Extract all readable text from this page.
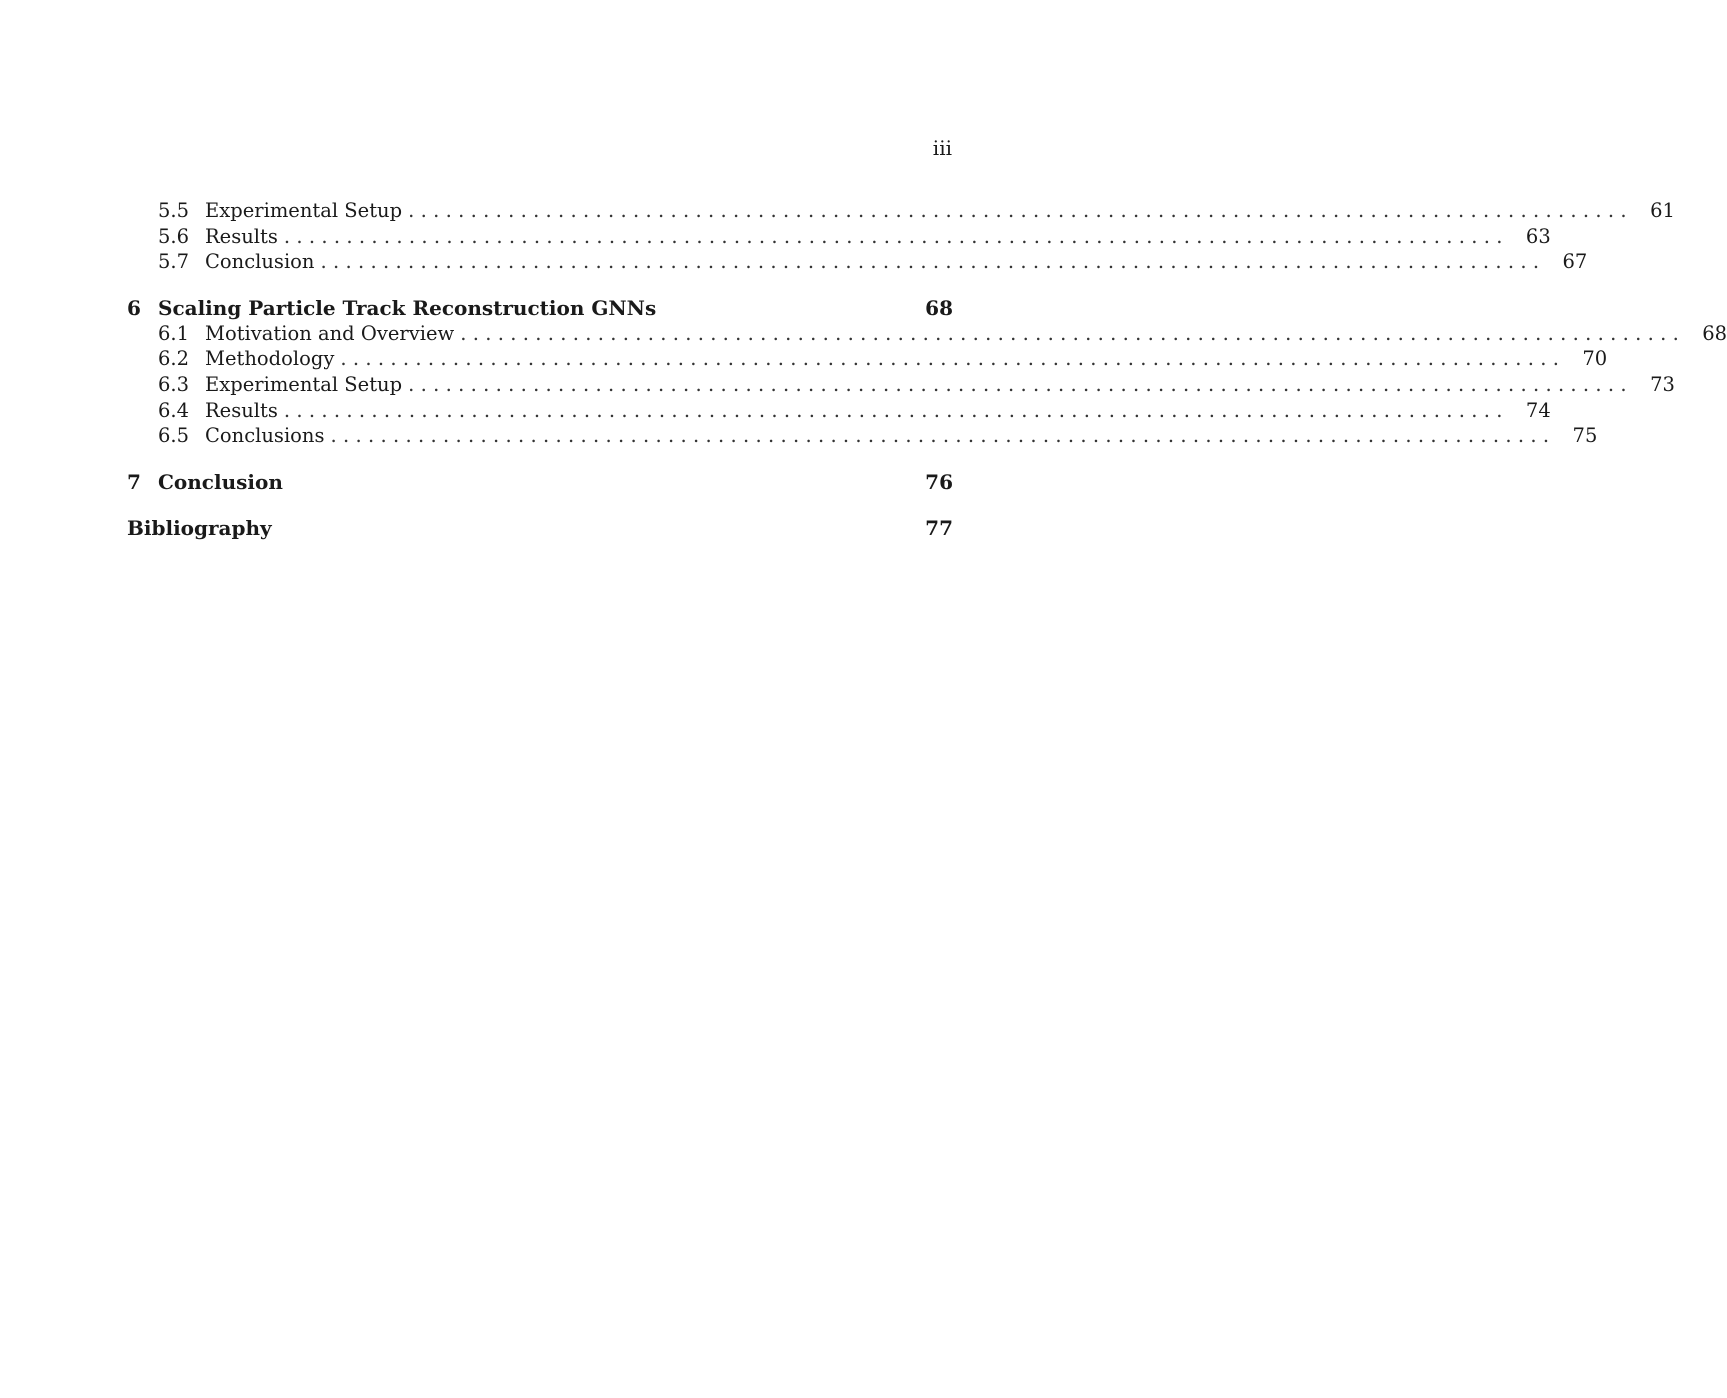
iii
5.5 Experimental Setup .................................................................................................. 61
5.6 Results .................................................................................................. 63
5.7 Conclusion .................................................................................................. 67
6 Scaling Particle Track Reconstruction GNNs	68
6.1 Motivation and Overview .................................................................................................. 68
6.2 Methodology .................................................................................................. 70
6.3 Experimental Setup .................................................................................................. 73
6.4 Results .................................................................................................. 74
6.5 Conclusions .................................................................................................. 75
7 Conclusion	76
Bibliography	77
